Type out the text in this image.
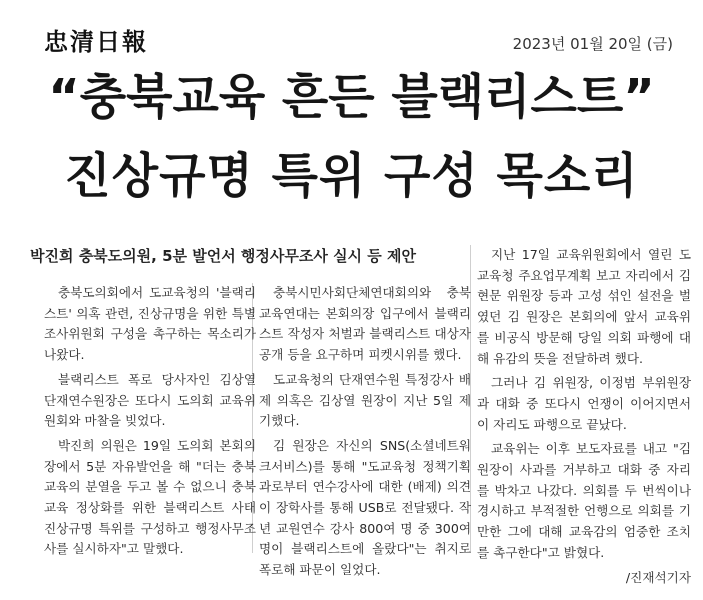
忠清日報	2023년 01월 20일 (금)
“충북교육 흔든 블랙리스트”
진상규명 특위 구성 목소리
박진희 충북도의원, 5분 발언서 행정사무조사 실시 등 제안

충북도의회에서 도교육청의 '블랙리스트' 의혹 관련, 진상규명을 위한 특별조사위원회 구성을 촉구하는 목소리가 나왔다.

블랙리스트 폭로 당사자인 김상열 단재연수원장은 또다시 도의회 교육위원회와 마찰을 빚었다.

박진희 의원은 19일 도의회 본회의장에서 5분 자유발언을 해 "더는 충북교육의 분열을 두고 볼 수 없으니 충북교육 정상화를 위한 블랙리스트 사태 진상규명 특위를 구성하고 행정사무조사를 실시하자"고 말했다.

충북시민사회단체연대회의와 충북교육연대는 본회의장 입구에서 블랙리스트 작성자 처벌과 블랙리스트 대상자 공개 등을 요구하며 피켓시위를 했다.

도교육청의 단재연수원 특정강사 배제 의혹은 김상열 원장이 지난 5일 제기했다.

김 원장은 자신의 SNS(소셜네트워크서비스)를 통해 "도교육청 정책기획과로부터 연수강사에 대한 (배제) 의견이 장학사를 통해 USB로 전달됐다. 작년 교원연수 강사 800여 명 중 300여 명이 블랙리스트에 올랐다"는 취지로 폭로해 파문이 일었다.

지난 17일 교육위원회에서 열린 도교육청 주요업무계획 보고 자리에서 김현문 위원장 등과 고성 섞인 설전을 벌였던 김 원장은 본회의에 앞서 교육위를 비공식 방문해 당일 의회 파행에 대해 유감의 뜻을 전달하려 했다.

그러나 김 위원장, 이정범 부위원장과 대화 중 또다시 언쟁이 이어지면서 이 자리도 파행으로 끝났다.

교육위는 이후 보도자료를 내고 "김 원장이 사과를 거부하고 대화 중 자리를 박차고 나갔다. 의회를 두 번씩이나 경시하고 부적절한 언행으로 의회를 기만한 그에 대해 교육감의 엄중한 조치를 촉구한다"고 밝혔다.

/진재석기자
